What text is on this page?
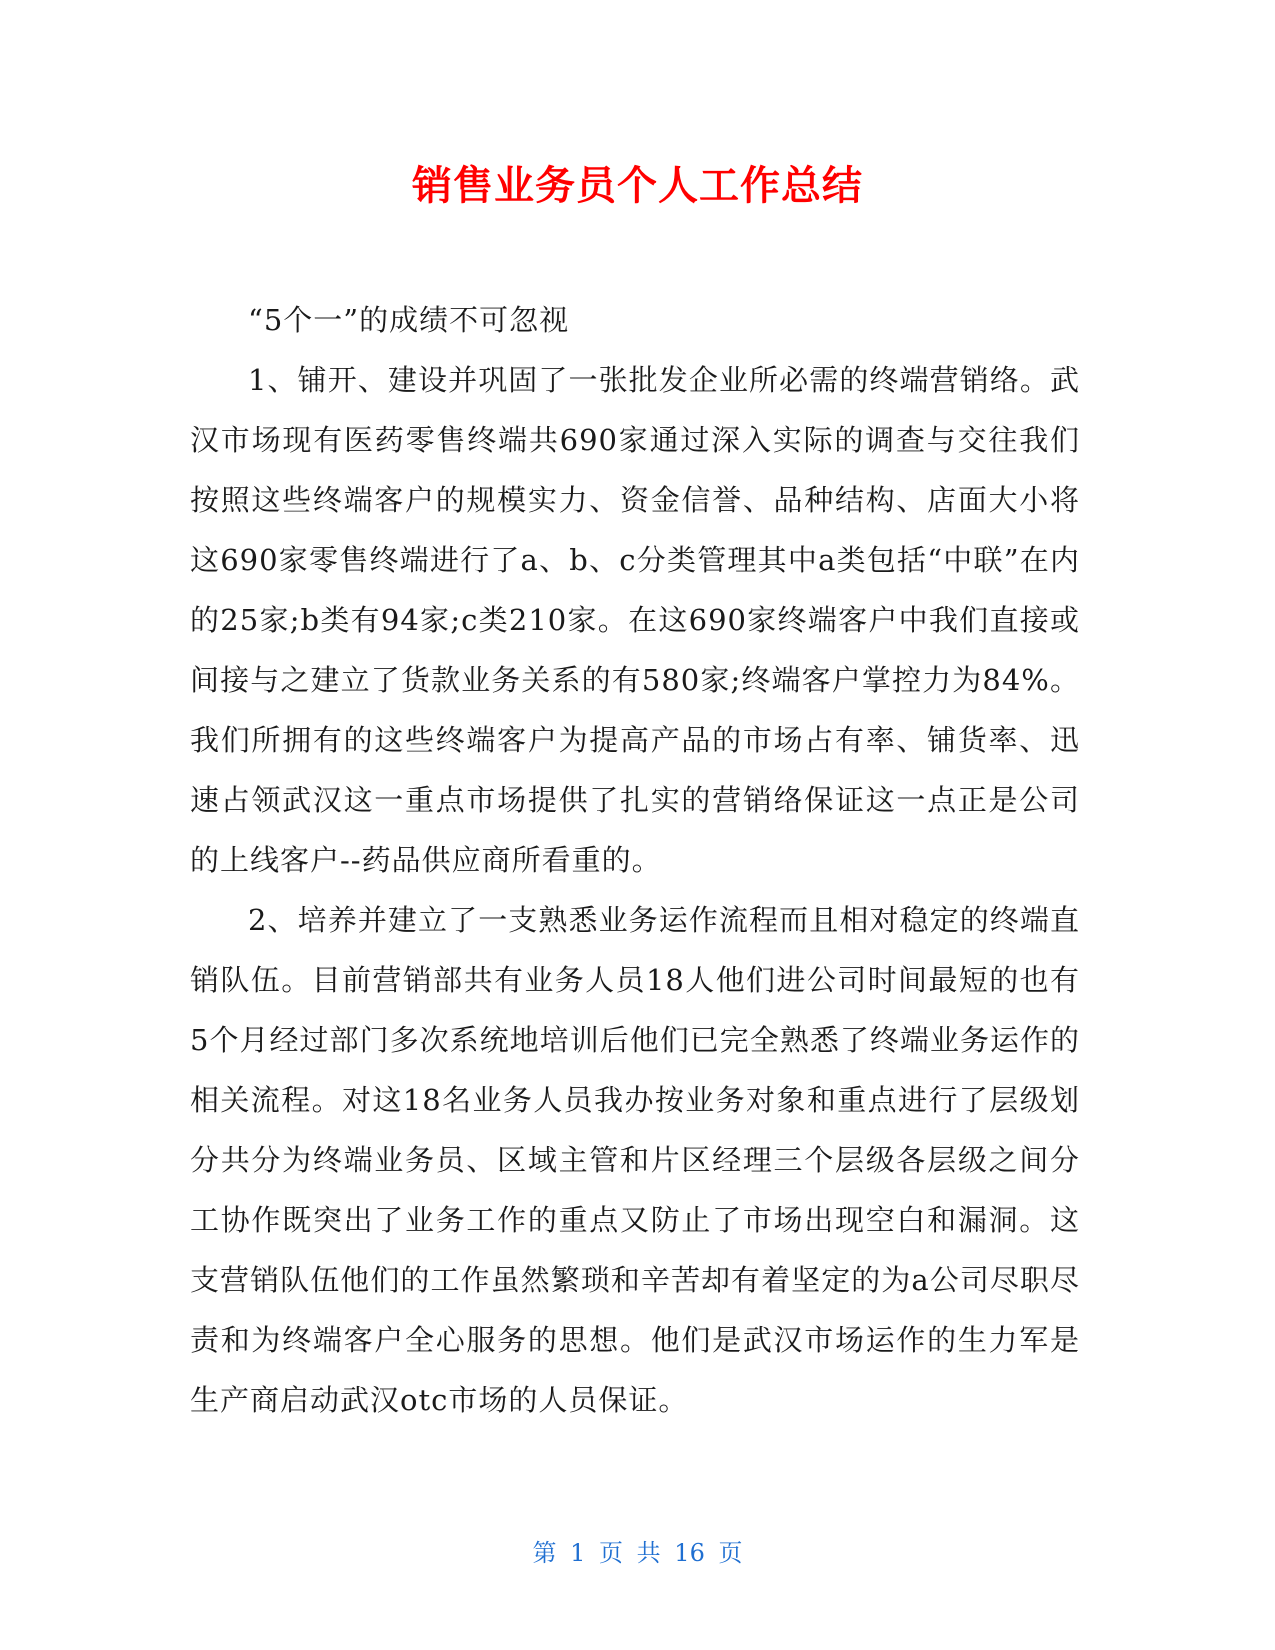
销售业务员个人工作总结

“5个一”的成绩不可忽视

1、铺开、建设并巩固了一张批发企业所必需的终端营销络。武汉市场现有医药零售终端共690家通过深入实际的调查与交往我们按照这些终端客户的规模实力、资金信誉、品种结构、店面大小将这690家零售终端进行了a、b、c分类管理其中a类包括“中联”在内的25家;b类有94家;c类210家。在这690家终端客户中我们直接或间接与之建立了货款业务关系的有580家;终端客户掌控力为84%。我们所拥有的这些终端客户为提高产品的市场占有率、铺货率、迅速占领武汉这一重点市场提供了扎实的营销络保证这一点正是公司的上线客户--药品供应商所看重的。

2、培养并建立了一支熟悉业务运作流程而且相对稳定的终端直销队伍。目前营销部共有业务人员18人他们进公司时间最短的也有5个月经过部门多次系统地培训后他们已完全熟悉了终端业务运作的相关流程。对这18名业务人员我办按业务对象和重点进行了层级划分共分为终端业务员、区域主管和片区经理三个层级各层级之间分工协作既突出了业务工作的重点又防止了市场出现空白和漏洞。这支营销队伍他们的工作虽然繁琐和辛苦却有着坚定的为a公司尽职尽责和为终端客户全心服务的思想。他们是武汉市场运作的生力军是生产商启动武汉otc市场的人员保证。

第 1 页 共 16 页
